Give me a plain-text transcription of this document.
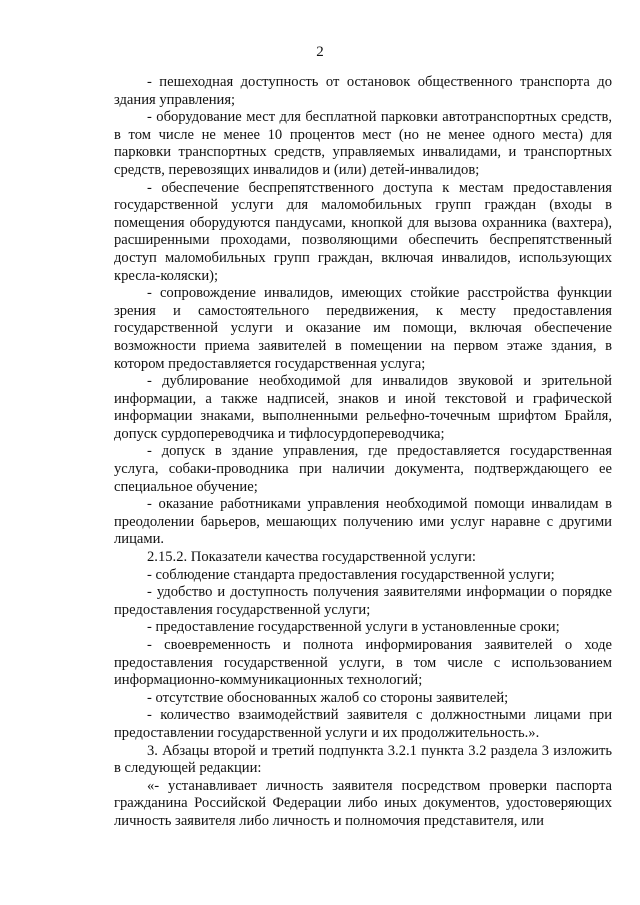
2

- пешеходная доступность от остановок общественного транспорта до здания управления;

- оборудование мест для бесплатной парковки автотранспортных средств, в том числе не менее 10 процентов мест (но не менее одного места) для парковки транспортных средств, управляемых инвалидами, и транспортных средств, перевозящих инвалидов и (или) детей-инвалидов;

- обеспечение беспрепятственного доступа к местам предоставления государственной услуги для маломобильных групп граждан (входы в помещения оборудуются пандусами, кнопкой для вызова охранника (вахтера), расширенными проходами, позволяющими обеспечить беспрепятственный доступ маломобильных групп граждан, включая инвалидов, использующих кресла-коляски);

- сопровождение инвалидов, имеющих стойкие расстройства функции зрения и самостоятельного передвижения, к месту предоставления государственной услуги и оказание им помощи, включая обеспечение возможности приема заявителей в помещении на первом этаже здания, в котором предоставляется государственная услуга;

- дублирование необходимой для инвалидов звуковой и зрительной информации, а также надписей, знаков и иной текстовой и графической информации знаками, выполненными рельефно-точечным шрифтом Брайля, допуск сурдопереводчика и тифлосурдопереводчика;

- допуск в здание управления, где предоставляется государственная услуга, собаки-проводника при наличии документа, подтверждающего ее специальное обучение;

- оказание работниками управления необходимой помощи инвалидам в преодолении барьеров, мешающих получению ими услуг наравне с другими лицами.

2.15.2. Показатели качества государственной услуги:

- соблюдение стандарта предоставления государственной услуги;

- удобство и доступность получения заявителями информации о порядке предоставления государственной услуги;

- предоставление государственной услуги в установленные сроки;

- своевременность и полнота информирования заявителей о ходе предоставления государственной услуги, в том числе с использованием информационно-коммуникационных технологий;

- отсутствие обоснованных жалоб со стороны заявителей;

- количество взаимодействий заявителя с должностными лицами при предоставлении государственной услуги и их продолжительность.».

3. Абзацы второй и третий подпункта 3.2.1 пункта 3.2 раздела 3 изложить в следующей редакции:

«- устанавливает личность заявителя посредством проверки паспорта гражданина Российской Федерации либо иных документов, удостоверяющих личность заявителя либо личность и полномочия представителя, или
